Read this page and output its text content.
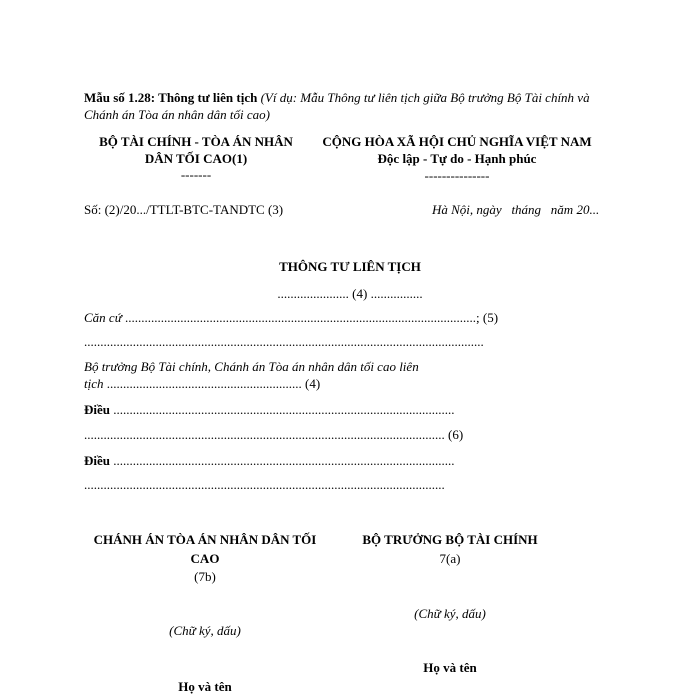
Mẫu số 1.28: Thông tư liên tịch (Ví dụ: Mẫu Thông tư liên tịch giữa Bộ trưởng Bộ Tài chính và
Chánh án Tòa án nhân dân tối cao)
BỘ TÀI CHÍNH - TÒA ÁN NHÂN
DÂN TỐI CAO(1)
-------
CỘNG HÒA XÃ HỘI CHỦ NGHĨA VIỆT NAM
Độc lập - Tự do - Hạnh phúc
---------------
Số: (2)/20.../TTLT-BTC-TANDTC (3)	Hà Nội, ngày   tháng   năm 20...
THÔNG TƯ LIÊN TỊCH
...................... (4) ................
Căn cứ ............................................................................................................; (5)
...........................................................................................................................
Bộ trưởng Bộ Tài chính, Chánh án Tòa án nhân dân tối cao liên
tịch ............................................................ (4)
Điều .........................................................................................................
............................................................................................................... (6)
Điều .........................................................................................................
...............................................................................................................
CHÁNH ÁN TÒA ÁN NHÂN DÂN TỐI
CAO
(7b)
(Chữ ký, dấu)
Họ và tên
BỘ TRƯỞNG BỘ TÀI CHÍNH
7(a)
(Chữ ký, dấu)
Họ và tên
